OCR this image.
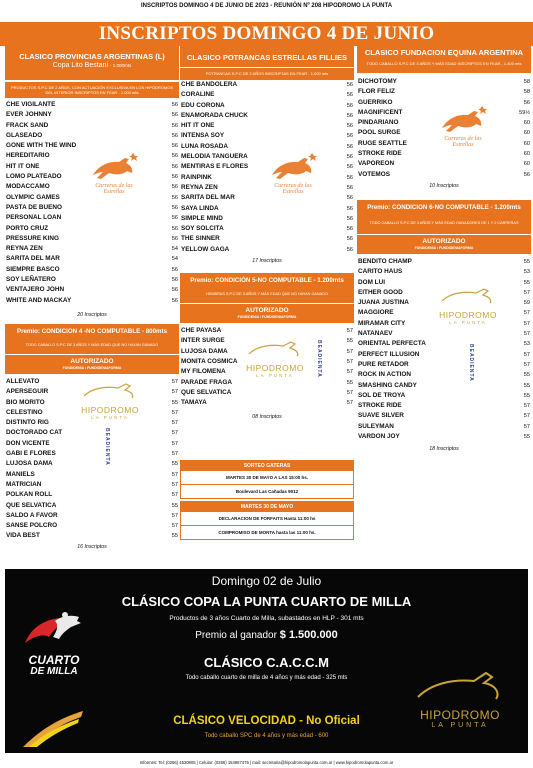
INSCRIPTOS DOMINGO 4 DE JUNIO DE 2023 - REUNIÓN Nº 208 HIPODROMO LA PUNTA
INSCRIPTOS DOMINGO 4 DE JUNIO
CLASICO PROVINCIAS ARGENTINAS (L)
Copa Lito Bestani - 1.000mts
PRODUCTOS S.P.C DE 2 AÑOS, CON ACTUACIÓN EXCLUSIVA EN LOS HIPÓDROMOS DEL INTERIOR INSCRIPTOS EN FEAR - 1.000 mts
CHE VIGILANTE	56
EVER JOHNNY	56
FRACK SAND	56
GLASEADO	56
GONE WITH THE WIND	56
HEREDITARIO	56
HIT IT ONE	56
LOMO PLATEADO	56
MODACCAMO	56
OLYMPIC GAMES	56
PASTA DE BUENO	56
PERSONAL LOAN	56
PORTO CRUZ	56
PRESSURE KING	56
REYNA ZEN	54
SARITA DEL MAR	54
SIEMPRE BASCO	56
SOY LEÑATERO	56
VENTAJERO JOHN	56
WHITE AND MACKAY	56
20 Inscriptos
Premio: CONDICION 4 -NO COMPUTABLE - 800mts
TODO CABALLO S.P.C DE 3 AÑOS Y MÁS EDAD QUE NO HAYAN GANADO
AUTORIZADO
FUNDIDENIA / FUNDIDENIAFORMA
ALLEVATO	57
APERSEGUIR	57
BIO MORITO	55
CELESTINO	57
DISTINTO RIG	57
DOCTORADO CAT	57
DON VICENTE	57
GABI E FLORES	57
LUJOSA DAMA	55
MANIELS	57
MATRICIAN	57
POLKAN ROLL	57
QUE SELVATICA	55
SALDO A FAVOR	57
SANSE POLCRO	57
VIDA BEST	55
16 Inscriptos
CLASICO POTRANCAS ESTRELLAS FILLIES
POTRANCAS S.P.C DE 2 AÑOS INSCRIPTAS EN FEAR - 1.000 mts
CHE BANDOLERA	56
CORALINE	56
EDU CORONA	56
ENAMORADA CHUCK	56
HIT IT ONE	56
INTENSA SOY	56
LUNA ROSADA	56
MELODIA TANGUERA	56
MENTIRAS E FLORES	56
RAINPINK	56
REYNA ZEN	56
SARITA DEL MAR	56
SAYA LINDA	56
SIMPLE MIND	56
SOY SOLCITA	56
THE SINNER	56
YELLOW GAGA	56
17 Inscriptos
Premio: CONDICIÓN 5-NO COMPUTABLE - 1.200mts
HEMBRAS S.P.C DE 3 AÑOS Y MÁS EDAD QUE NO HAYAN GANADO
AUTORIZADO
FUNDIDENIA / FUNDIDENIAFORMA
CHE PAYASA	57
INTER SURGE	55
LUJOSA DAMA	57
MONITA COSMICA	57
MY FILOMENA	57
PARADE FRAGA	55
QUE SELVATICA	57
TAMAYA	57
08 Inscriptos
CLASICO FUNDACION EQUINA ARGENTINA
TODO CABALLO S.P.C DE 3 AÑOS Y MÁS EDAD INSCRIPTOS EN FEAR - 1.400 mts
DICHOTOMY	58
FLOR FELIZ	58
GUERRIKO	56
MAGNIFICENT	59½
PINDARIANO	60
POOL SURGE	60
RUGE SEATTLE	60
STROKE RIDE	60
VAPOREON	60
VOTEMOS	56
10 Inscriptos
Premio: CONDICION 6-NO COMPUTABLE - 1.200mts
TODO CABALLO S.P.C DE 3 AÑOS Y MÁS EDAD GANADORES DE 1 Y 2 CARRERAS
AUTORIZADO
FUNDIDENIA / FUNDIDENIAFORMA
BENDITO CHAMP	55
CARITO HAUS	53
DOM LUI	55
EITHER GOOD	57
JUANA JUSTINA	59
MAGGIORE	57
MIRAMAR CITY	57
NATANAEV	57
ORIENTAL PERFECTA	53
PERFECT ILLUSION	57
PURE RETADOR	57
ROCK IN ACTION	55
SMASHING CANDY	55
SOL DE TROYA	55
STROKE RIDE	57
SUAVE SILVER	57
SULEYMAN	57
VARDON JOY	55
18 Inscriptos
Carreras de las Estrellas
Carreras de las Estrellas
Carreras de las Estrellas
HIPODROMO
LA PUNTA
HIPODROMO
LA PUNTA
HIPODROMO
LA PUNTA
BEADIENTA
BEADIENTA	BEADIENTA
SORTEO GATERAS
MARTES 30 DE MAYO A LAS 15:00 hs.
Boulevard Las Cañadas 9012
MARTES 30 DE MAYO
DECLARACION DE FORFAITS Hasta 11:00 hs
COMPROMISO DE MONTA hasta las 11:00 hs.
Domingo 02 de Julio
CLÁSICO COPA LA PUNTA CUARTO DE MILLA
Productos de 3 años Cuarto de Milla, subastados en HLP - 301 mts
Premio al ganador $ 1.500.000
CLÁSICO C.A.C.C.M
Todo caballo cuarto de milla de 4 años y más edad - 325 mts
CLÁSICO VELOCIDAD - No Oficial
Todo caballo SPC de 4 años y más edad - 600
CUARTO
DE MILLA
HIPODROMO
LA PUNTA
Informes: Tel: (0266) 4530805 | Celular: (0266) 154867475 | mail: secretaria@hipodromolapunta.com.ar | www.hipodromolapunta.com.ar
